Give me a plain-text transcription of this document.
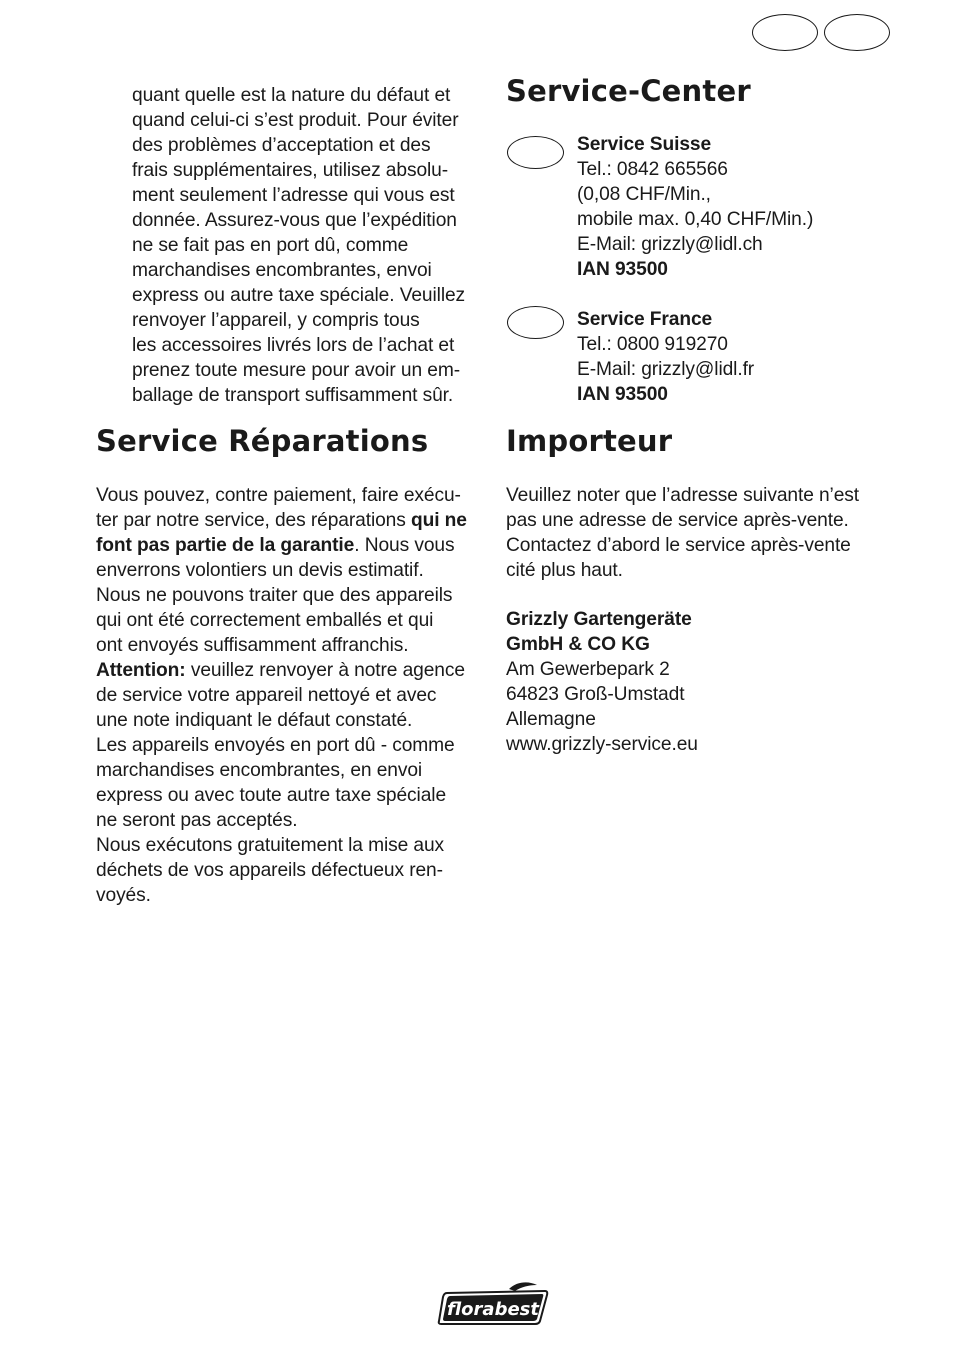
quant quelle est la nature du défaut et
quand celui-ci s’est produit. Pour éviter
des problèmes d’acceptation et des
frais supplémentaires, utilisez absolu-
ment seulement l’adresse qui vous est
donnée. Assurez-vous que l’expédition
ne se fait pas en port dû, comme
marchandises encombrantes, envoi
express ou autre taxe spéciale. Veuillez
renvoyer l’appareil, y compris tous
les accessoires livrés lors de l’achat et
prenez toute mesure pour avoir un em-
ballage de transport suffisamment sûr.
Service Réparations
Vous pouvez, contre paiement, faire exécu-
ter par notre service, des réparations qui ne
font pas partie de la garantie. Nous vous
enverrons volontiers un devis estimatif.
Nous ne pouvons traiter que des appareils
qui ont été correctement emballés et qui
ont envoyés suffisamment affranchis.
Attention: veuillez renvoyer à notre agence
de service votre appareil nettoyé et avec
une note indiquant le défaut constaté.
Les appareils envoyés en port dû - comme
marchandises encombrantes, en envoi
express ou avec toute autre taxe spéciale
ne seront pas acceptés.
Nous exécutons gratuitement la mise aux
déchets de vos appareils défectueux ren-
voyés.
Service-Center
Service Suisse
Tel.: 0842 665566
(0,08 CHF/Min.,
mobile max. 0,40 CHF/Min.)
E-Mail: grizzly@lidl.ch
IAN 93500
Service France
Tel.: 0800 919270
E-Mail: grizzly@lidl.fr
IAN 93500
Importeur
Veuillez noter que l’adresse suivante n’est
pas une adresse de service après-vente.
Contactez d’abord le service après-vente
cité plus haut.
Grizzly Gartengeräte
GmbH & CO KG
Am Gewerbepark 2
64823 Groß-Umstadt
Allemagne
www.grizzly-service.eu
florabest
